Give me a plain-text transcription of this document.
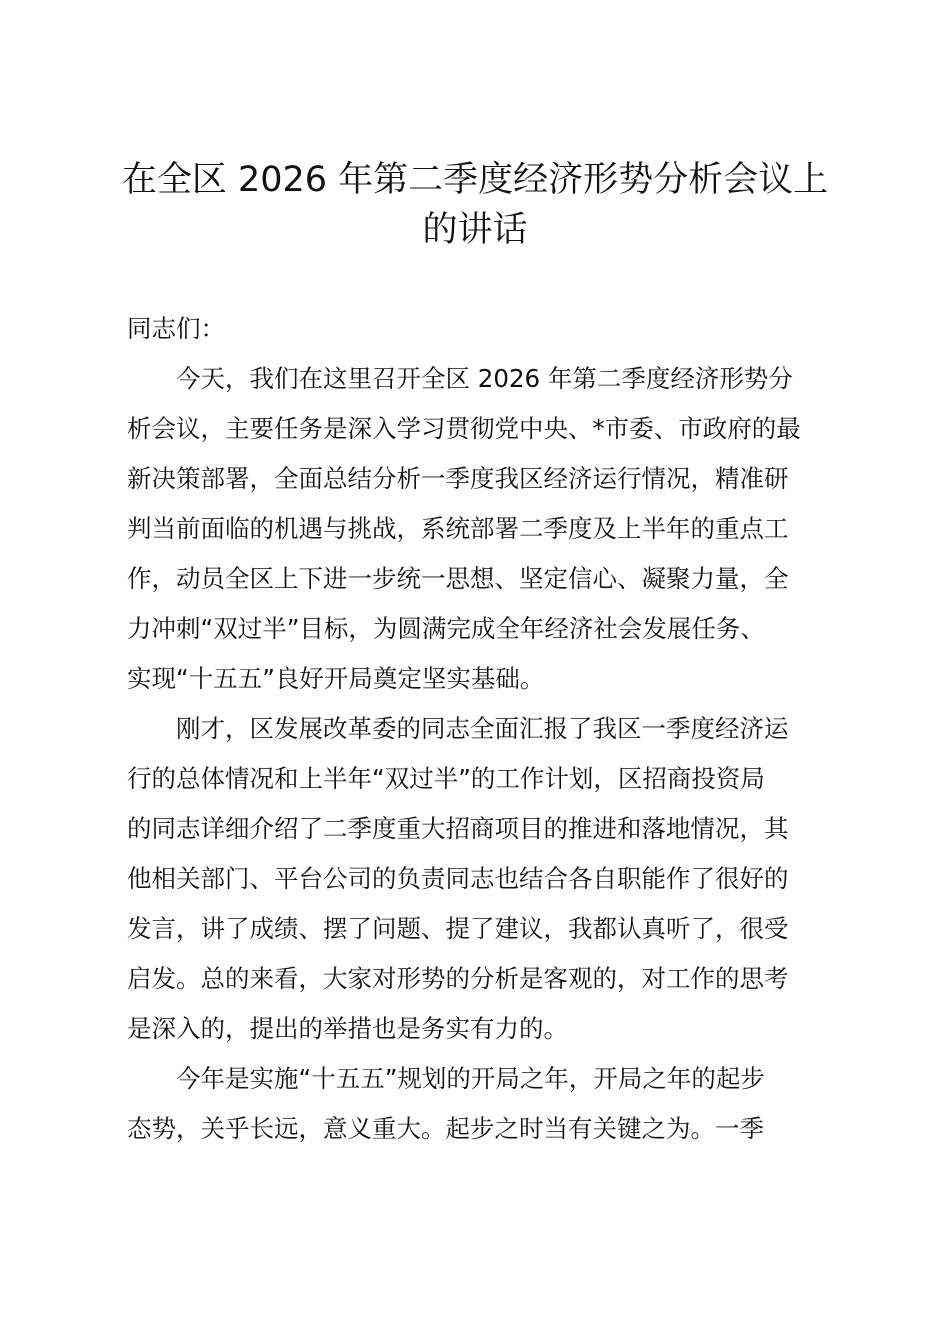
在全区 2026 年第二季度经济形势分析会议上
的讲话
同志们：
　　今天，我们在这里召开全区 2026 年第二季度经济形势分
析会议，主要任务是深入学习贯彻党中央、*市委、市政府的最
新决策部署，全面总结分析一季度我区经济运行情况，精准研
判当前面临的机遇与挑战，系统部署二季度及上半年的重点工
作，动员全区上下进一步统一思想、坚定信心、凝聚力量，全
力冲刺“双过半”目标，为圆满完成全年经济社会发展任务、
实现“十五五”良好开局奠定坚实基础。
　　刚才，区发展改革委的同志全面汇报了我区一季度经济运
行的总体情况和上半年“双过半”的工作计划，区招商投资局
的同志详细介绍了二季度重大招商项目的推进和落地情况，其
他相关部门、平台公司的负责同志也结合各自职能作了很好的
发言，讲了成绩、摆了问题、提了建议，我都认真听了，很受
启发。总的来看，大家对形势的分析是客观的，对工作的思考
是深入的，提出的举措也是务实有力的。
　　今年是实施“十五五”规划的开局之年，开局之年的起步
态势，关乎长远，意义重大。起步之时当有关键之为。一季
